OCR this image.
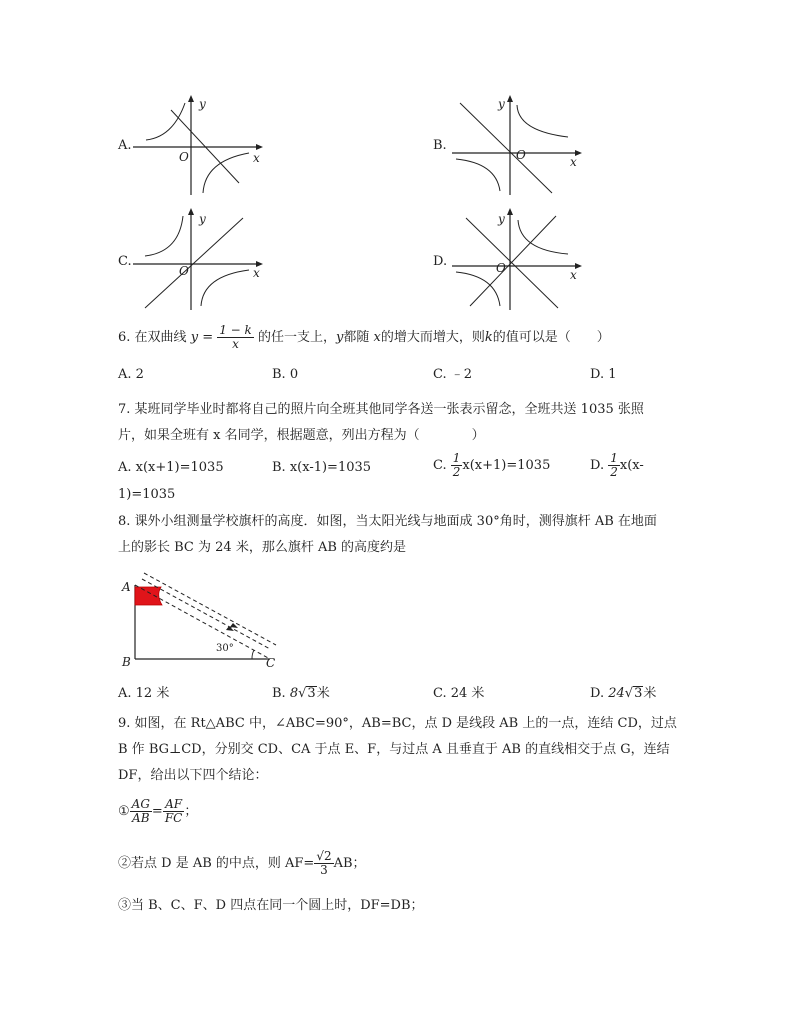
A.
y
x
O
B.
y
x
O
C.
y
x
O
D.
y
x
O
6. 在双曲线 $y = \frac{1 - k}{x}$ 的任一支上，y都随 x的增大而增大，则k的值可以是（　　）
A. 2	B. 0	C. ﹣2	D. 1
7. 某班同学毕业时都将自己的照片向全班其他同学各送一张表示留念，全班共送 1035 张照
片，如果全班有 x 名同学，根据题意，列出方程为（　　　　）
A. x(x+1)=1035	B. x(x-1)=1035	C. $\frac{1}{2} x(x+1)=1035$	D. $\frac{1}{2} x(x-$
1)=1035
8. 课外小组测量学校旗杆的高度．如图，当太阳光线与地面成 30°角时，测得旗杆 AB 在地面
上的影长 BC 为 24 米，那么旗杆 AB 的高度约是
A
B	C
30°
A. 12 米	B. 8√3米	C. 24 米	D. 24√3米
9. 如图，在 Rt△ABC 中，∠ABC=90°，AB=BC，点 D 是线段 AB 上的一点，连结 CD，过点
B 作 BG⊥CD，分别交 CD、CA 于点 E、F，与过点 A 且垂直于 AB 的直线相交于点 G，连结
DF，给出以下四个结论：
① $\frac{AG}{AB} = \frac{AF}{FC}$ ；
②若点 D 是 AB 的中点，则 $AF= \frac{√2}{3}$ AB；
③当 B、C、F、D 四点在同一个圆上时，DF=DB；
